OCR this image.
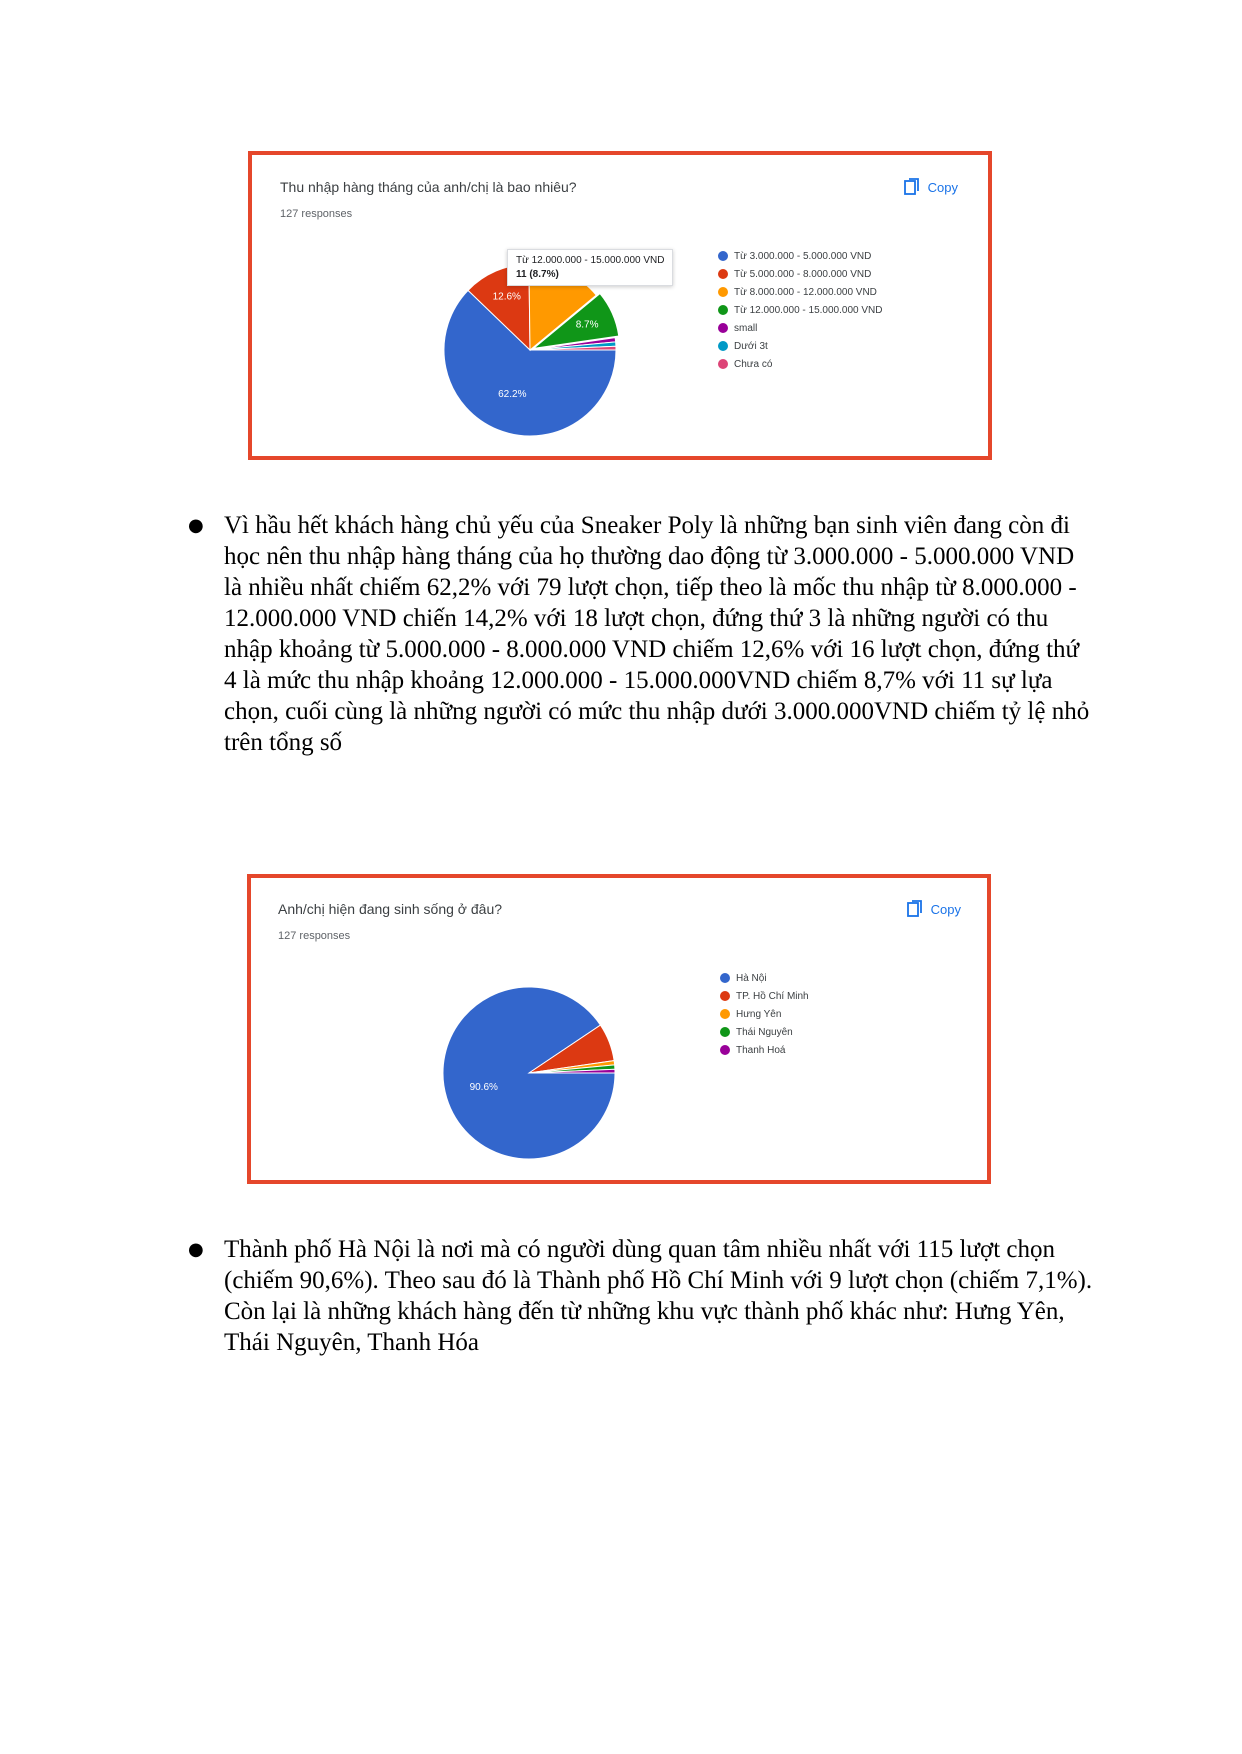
Thu nhập hàng tháng của anh/chị là bao nhiêu?
127 responses
Copy
62.2%
12.6%
8.7%
Từ 12.000.000 - 15.000.000 VND
11 (8.7%)
Từ 3.000.000 - 5.000.000 VND
Từ 5.000.000 - 8.000.000 VND
Từ 8.000.000 - 12.000.000 VND
Từ 12.000.000 - 15.000.000 VND
small
Dưới 3t
Chưa có
● Vì hầu hết khách hàng chủ yếu của Sneaker Poly là những bạn sinh viên đang còn đi học nên thu nhập hàng tháng của họ thường dao động từ 3.000.000 - 5.000.000 VND là nhiều nhất chiếm 62,2% với 79 lượt chọn, tiếp theo là mốc thu nhập từ 8.000.000 - 12.000.000 VND chiến 14,2% với 18 lượt chọn, đứng thứ 3 là những người có thu nhập khoảng từ 5.000.000 - 8.000.000 VND chiếm 12,6% với 16 lượt chọn, đứng thứ 4 là mức thu nhập khoảng 12.000.000 - 15.000.000VND chiếm 8,7% với 11 sự lựa chọn, cuối cùng là những người có mức thu nhập dưới 3.000.000VND chiếm tỷ lệ nhỏ trên tổng số
Anh/chị hiện đang sinh sống ở đâu?
127 responses
Copy
90.6%
Hà Nội
TP. Hồ Chí Minh
Hưng Yên
Thái Nguyên
Thanh Hoá
● Thành phố Hà Nội là nơi mà có người dùng quan tâm nhiều nhất với 115 lượt chọn (chiếm 90,6%). Theo sau đó là Thành phố Hồ Chí Minh với 9 lượt chọn (chiếm 7,1%). Còn lại là những khách hàng đến từ những khu vực thành phố khác như: Hưng Yên, Thái Nguyên, Thanh Hóa
